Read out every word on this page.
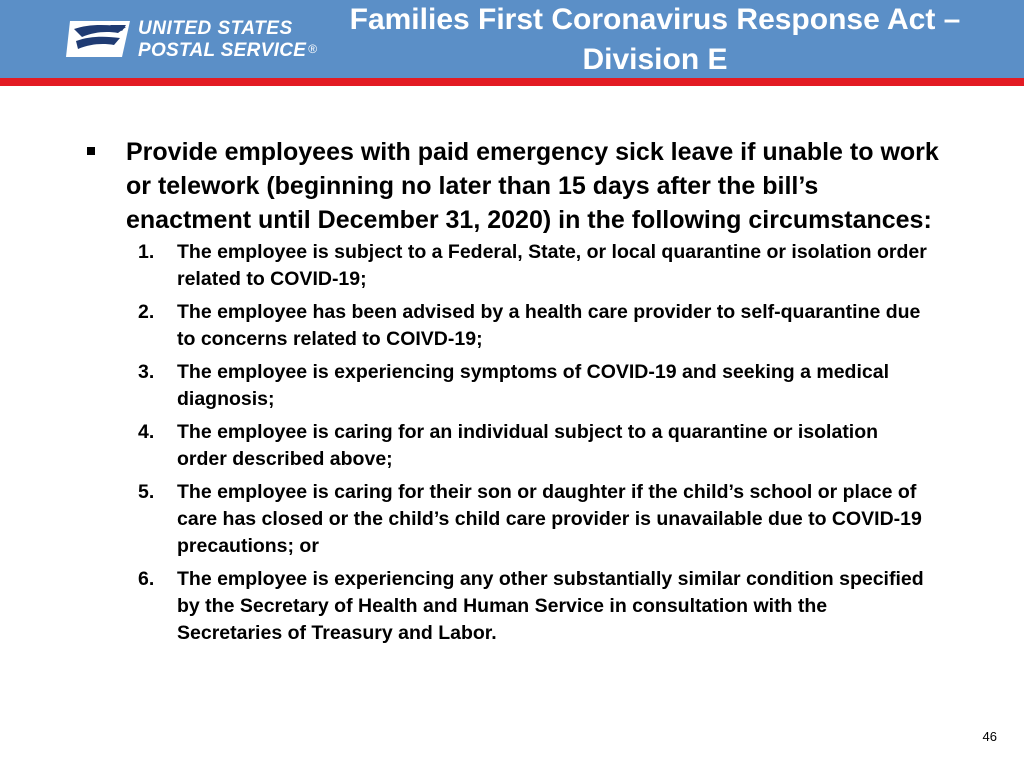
UNITED STATES
POSTAL SERVICE ®
Families First Coronavirus Response Act –
Division E
Provide employees with paid emergency sick leave if unable to work or telework (beginning no later than 15 days after the bill’s enactment until December 31, 2020) in the following circumstances:
1. The employee is subject to a Federal, State, or local quarantine or isolation order related to COVID-19;
2. The employee has been advised by a health care provider to self-quarantine due to concerns related to COIVD-19;
3. The employee is experiencing symptoms of COVID-19 and seeking a medical diagnosis;
4. The employee is caring for an individual subject to a quarantine or isolation order described above;
5. The employee is caring for their son or daughter if the child’s school or place of care has closed or the child’s child care provider is unavailable due to COVID-19 precautions; or
6. The employee is experiencing any other substantially similar condition specified by the Secretary of Health and Human Service in consultation with the Secretaries of Treasury and Labor.
46
